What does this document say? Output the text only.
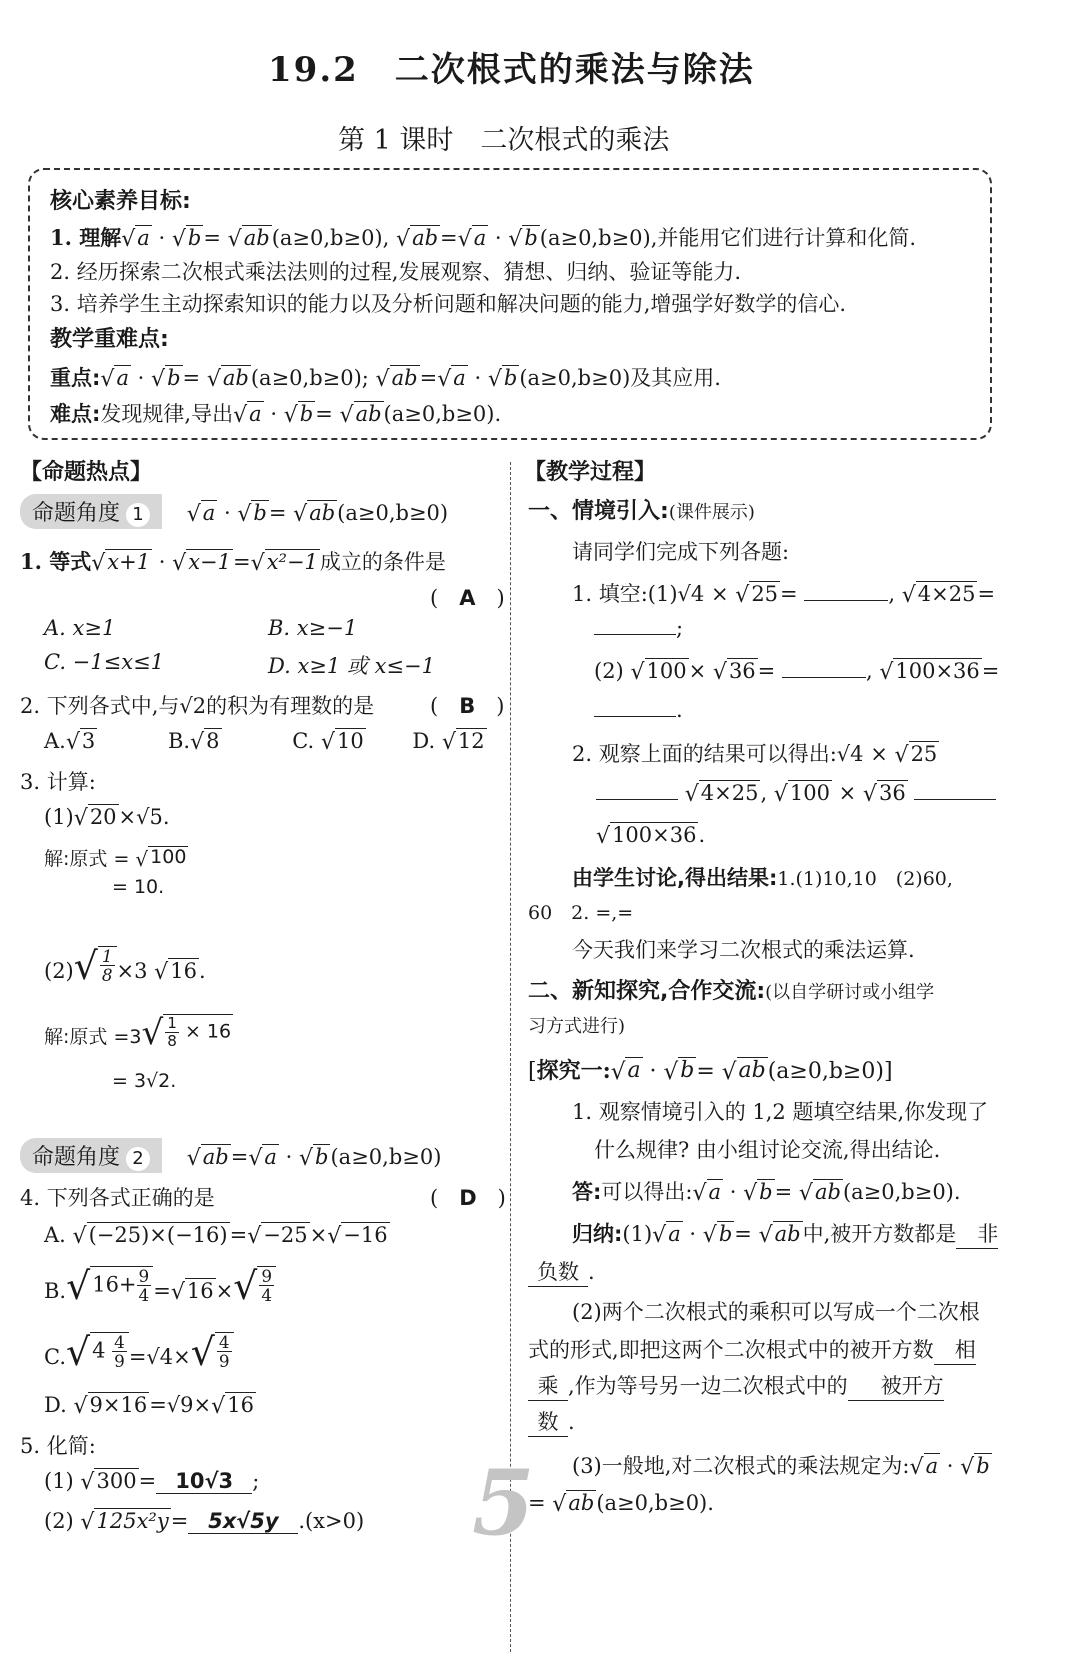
19.2　二次根式的乘法与除法
第 1 课时　二次根式的乘法
核心素养目标:
1. 理解 √ a · √ b = √ ab (a≥0,b≥0), √ ab = √ a · √ b (a≥0,b≥0),并能用它们进行计算和化简.
2. 经历探索二次根式乘法法则的过程,发展观察、猜想、归纳、验证等能力.
3. 培养学生主动探索知识的能力以及分析问题和解决问题的能力,增强学好数学的信心.
教学重难点:
重点: √ a · √ b = √ ab (a≥0,b≥0); √ ab = √ a · √ b (a≥0,b≥0)及其应用.
难点:发现规律,导出 √ a · √ b = √ ab (a≥0,b≥0).
【命题热点】
命题角度 1 √ a · √ b = √ ab (a≥0,b≥0)
1. 等式 √ x+1 · √ x−1 = √ x²−1 成立的条件是
(　A　)
A. x≥1	B. x≥−1
C. −1≤x≤1	D. x≥1 或 x≤−1
2. 下列各式中,与√2的积为有理数的是	(　B　)
A. √ 3	B. √ 8	C. √ 10 D. √ 12
3. 计算:
(1) √ 20 ×√5.
解:原式 = √ 100
= 10.
(2) √ $\frac{1}{8} \times 3$ √ 16 .
解:原式 =3 √ $\frac{1}{8} \times 16$
= 3√2.
命题角度 2 √ ab = √ a · √ b (a≥0,b≥0)
4. 下列各式正确的是	(　D　)
A. √ (−25)×(−16) = √ −25 × √ −16
B. √ $16+ \frac{9}{4}$ = √ 16 × √ $\frac{9}{4}$
C. √ $4 \frac{4}{9} =√4\times$ √ $\frac{4}{9}$
D. √ 9×16 =√9× √ 16
5. 化简:
(1) √ 300 = 10√3 ;
(2) √ 125x²y = 5x√5y .(x>0) 5
【教学过程】
一、情境引入:(课件展示)
请同学们完成下列各题:
1. 填空:(1)√4 × √ 25 =	, √ 4×25 =
;
(2) √ 100 × √ 36 =	, √ 100×36 =
.
2. 观察上面的结果可以得出:√4 × √ 25

√ 4×25 , √ 100 × √ 36

√ 100×36 .
由学生讨论,得出结果:1.(1)10,10　(2)60,
60　2. =,=
今天我们来学习二次根式的乘法运算.
二、新知探究,合作交流:(以自学研讨或小组学
习方式进行)
[探究一: √ a · √ b = √ ab (a≥0,b≥0)]
1. 观察情境引入的 1,2 题填空结果,你发现了
什么规律? 由小组讨论交流,得出结论.
答:可以得出: √ a · √ b = √ ab (a≥0,b≥0).
归纳:(1) √ a · √ b = √ ab 中,被开方数都是 非
负数 .
(2)两个二次根式的乘积可以写成一个二次根
式的形式,即把这两个二次根式中的被开方数 相
乘 ,作为等号另一边二次根式中的 被开方
数 .
(3)一般地,对二次根式的乘法规定为: √ a · √ b
= √ ab (a≥0,b≥0).
